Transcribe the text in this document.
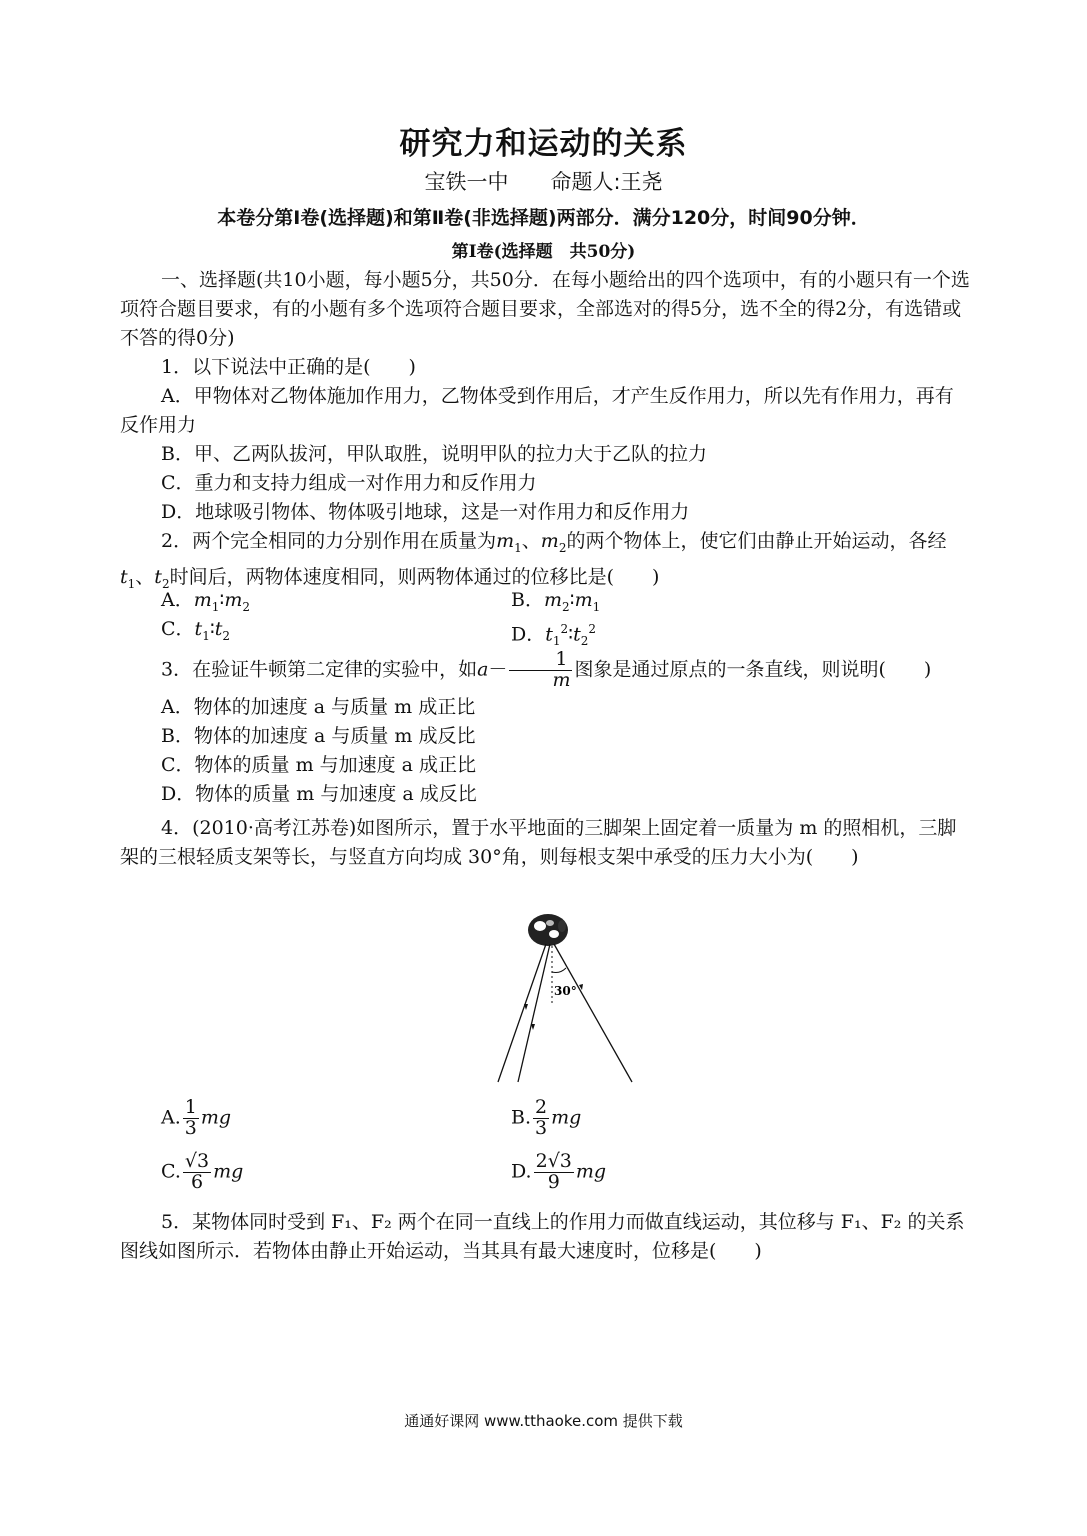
研究力和运动的关系
宝铁一中　　命题人:王尧
本卷分第Ⅰ卷(选择题)和第Ⅱ卷(非选择题)两部分．满分120分，时间90分钟．
第Ⅰ卷(选择题　共50分)
一、选择题(共10小题，每小题5分，共50分．在每小题给出的四个选项中，有的小题只有一个选项符合题目要求，有的小题有多个选项符合题目要求，全部选对的得5分，选不全的得2分，有选错或不答的得0分)
1．以下说法中正确的是(　　)
A．甲物体对乙物体施加作用力，乙物体受到作用后，才产生反作用力，所以先有作用力，再有反作用力
B．甲、乙两队拔河，甲队取胜，说明甲队的拉力大于乙队的拉力
C．重力和支持力组成一对作用力和反作用力
D．地球吸引物体、物体吸引地球，这是一对作用力和反作用力
2．两个完全相同的力分别作用在质量为$m_1$、$m_2$的两个物体上，使它们由静止开始运动，各经$t_1$、$t_2$时间后，两物体速度相同，则两物体通过的位移比是(　　)
A．$m_1∶m_2$	B．$m_2∶m_1$
C．$t_1∶t_2$	D．$t_1^2∶t_2^2$
3．在验证牛顿第二定律的实验中，如$a- \frac{1}{m}$ 图象是通过原点的一条直线，则说明(　　)
A．物体的加速度 a 与质量 m 成正比
B．物体的加速度 a 与质量 m 成反比
C．物体的质量 m 与加速度 a 成正比
D．物体的质量 m 与加速度 a 成反比
4．(2010·高考江苏卷)如图所示，置于水平地面的三脚架上固定着一质量为 m 的照相机，三脚架的三根轻质支架等长，与竖直方向均成 30°角，则每根支架中承受的压力大小为(　　)
30°
A. $\frac{1}{3}$ mg	B. $\frac{2}{3}$ mg
C. $\frac{√3}{6}$ mg	D. $\frac{2√3}{9}$ mg
5．某物体同时受到 F₁、F₂ 两个在同一直线上的作用力而做直线运动，其位移与 F₁、F₂ 的关系图线如图所示．若物体由静止开始运动，当其具有最大速度时，位移是(　　)
通通好课网 www.tthaoke.com 提供下载
